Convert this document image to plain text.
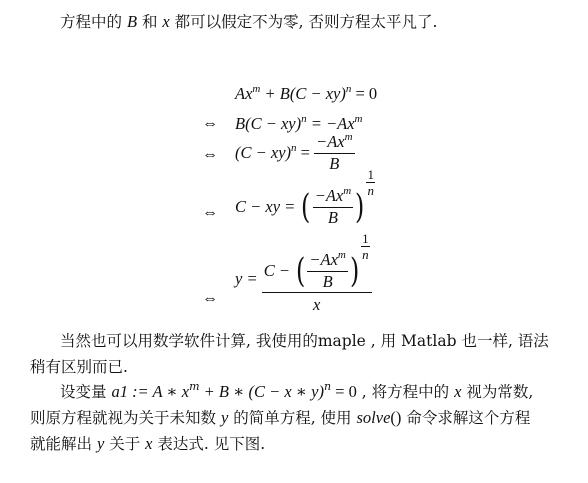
方程中的 B 和 x 都可以假定不为零, 否则方程太平凡了.
$Ax^m + B(C - xy)^n = 0$
⇔ $B(C - xy)^n = -Ax^m$
⇔ $(C - xy)^n = \frac{-Ax^m}{B}$
⇔ C − xy = ( $\frac{-Ax^m}{B}$ )
$\frac{1}{n}$
⇔
y = C − ( $\frac{-Ax^m}{B}$ )
$\frac{1}{n}$
x
当然也可以用数学软件计算, 我使用的maple , 用 Matlab 也一样, 语法
稍有区别而已.
设变量 a1 := A ∗ $x^m + B$ ∗ (C − x ∗ y)$^n$ = 0 , 将方程中的 x 视为常数,
则原方程就视为关于未知数 y 的简单方程, 使用 solve() 命令求解这个方程
就能解出 y 关于 x 表达式. 见下图.
